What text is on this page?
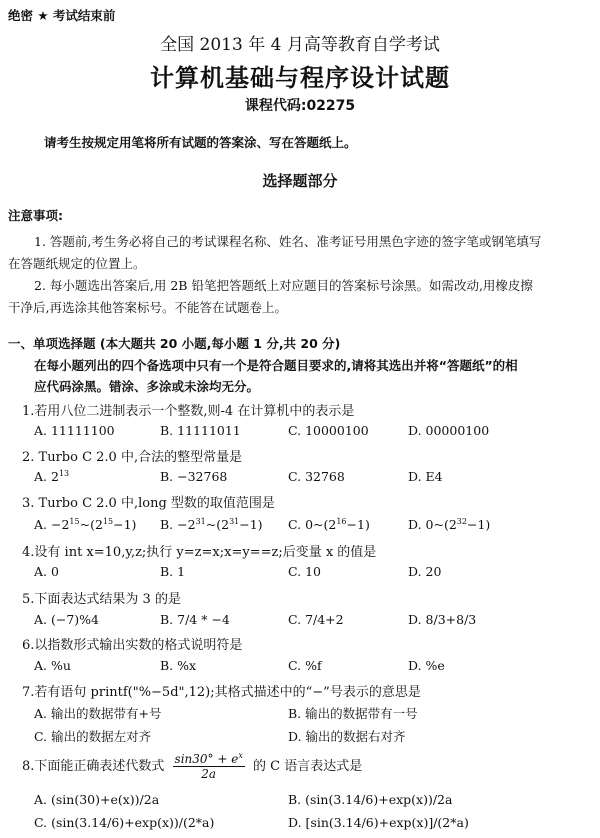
绝密 ★ 考试结束前
全国 2013 年 4 月高等教育自学考试
计算机基础与程序设计试题
课程代码:02275
请考生按规定用笔将所有试题的答案涂、写在答题纸上。
选择题部分
注意事项:
1. 答题前,考生务必将自己的考试课程名称、姓名、准考证号用黑色字迹的签字笔或钢笔填写
在答题纸规定的位置上。
2. 每小题选出答案后,用 2B 铅笔把答题纸上对应题目的答案标号涂黑。如需改动,用橡皮擦
干净后,再选涂其他答案标号。不能答在试题卷上。
一、单项选择题 (本大题共 20 小题,每小题 1 分,共 20 分)
在每小题列出的四个备选项中只有一个是符合题目要求的,请将其选出并将“答题纸”的相
应代码涂黑。错涂、多涂或未涂均无分。
1.若用八位二进制表示一个整数,则-4 在计算机中的表示是
A. 11111100	B. 11111011	C. 10000100	D. 00000100
2. Turbo C 2.0 中,合法的整型常量是
A. $2^{13}$	B. −32768	C. 32768	D. E4
3. Turbo C 2.0 中,long 型数的取值范围是
A. $-2^{15}\sim(2^{15}-1)$ B. $-2^{31}\sim(2^{31}-1)$ C. $0\sim(2^{16}-1)$	D. $0\sim(2^{32}-1)$
4.设有 int x=10,y,z;执行 y=z=x;x=y==z;后变量 x 的值是
A. 0	B. 1	C. 10	D. 20
5.下面表达式结果为 3 的是
A. (−7)%4	B. 7/4 * −4	C. 7/4+2	D. 8/3+8/3
6.以指数形式输出实数的格式说明符是
A. %u	B. %x	C. %f	D. %e
7.若有语句 printf("%−5d",12);其格式描述中的“−”号表示的意思是
A. 输出的数据带有+号	B. 输出的数据带有一号
C. 输出的数据左对齐	D. 输出的数据右对齐
8.下面能正确表述代数式 $\frac{\sin 30^\circ + e^x}{2a}$ 的 C 语言表达式是
A. (sin(30)+e(x))/2a	B. (sin(3.14/6)+exp(x))/2a
C. (sin(3.14/6)+exp(x))/(2*a)	D. [sin(3.14/6)+exp(x)]/(2*a)
